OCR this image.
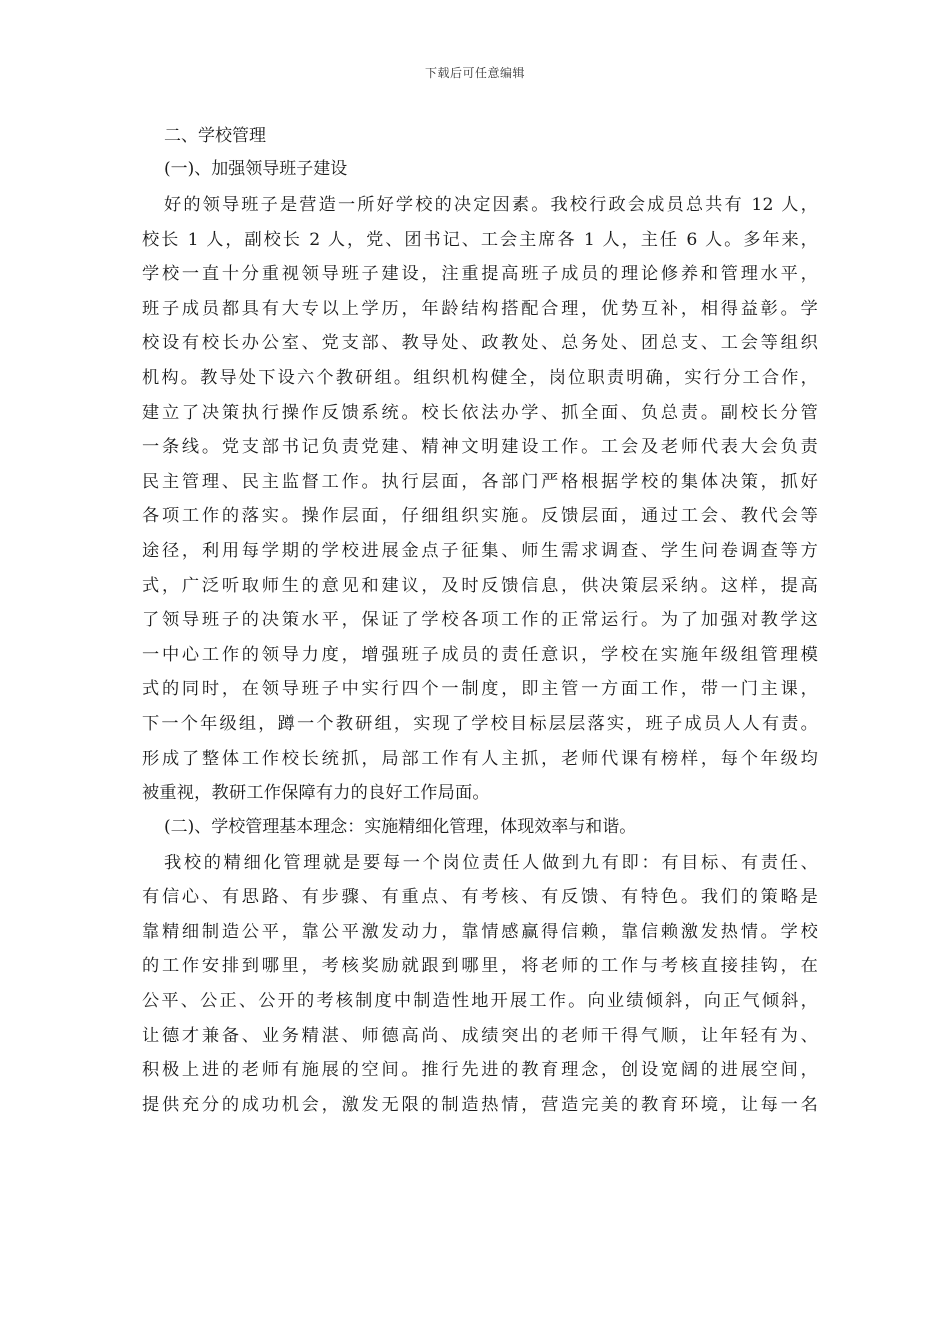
下载后可任意编辑
二、学校管理
(一)、加强领导班子建设
好的领导班子是营造一所好学校的决定因素。我校行政会成员总共有 12 人，
校长 1 人，副校长 2 人，党、团书记、工会主席各 1 人，主任 6 人。多年来，
学校一直十分重视领导班子建设，注重提高班子成员的理论修养和管理水平，
班子成员都具有大专以上学历，年龄结构搭配合理，优势互补，相得益彰。学
校设有校长办公室、党支部、教导处、政教处、总务处、团总支、工会等组织
机构。教导处下设六个教研组。组织机构健全，岗位职责明确，实行分工合作，
建立了决策执行操作反馈系统。校长依法办学、抓全面、负总责。副校长分管
一条线。党支部书记负责党建、精神文明建设工作。工会及老师代表大会负责
民主管理、民主监督工作。执行层面，各部门严格根据学校的集体决策，抓好
各项工作的落实。操作层面，仔细组织实施。反馈层面，通过工会、教代会等
途径，利用每学期的学校进展金点子征集、师生需求调查、学生问卷调查等方
式，广泛听取师生的意见和建议，及时反馈信息，供决策层采纳。这样，提高
了领导班子的决策水平，保证了学校各项工作的正常运行。为了加强对教学这
一中心工作的领导力度，增强班子成员的责任意识，学校在实施年级组管理模
式的同时，在领导班子中实行四个一制度，即主管一方面工作，带一门主课，
下一个年级组，蹲一个教研组，实现了学校目标层层落实，班子成员人人有责。
形成了整体工作校长统抓，局部工作有人主抓，老师代课有榜样，每个年级均
被重视，教研工作保障有力的良好工作局面。
(二)、学校管理基本理念：实施精细化管理，体现效率与和谐。
我校的精细化管理就是要每一个岗位责任人做到九有即：有目标、有责任、
有信心、有思路、有步骤、有重点、有考核、有反馈、有特色。我们的策略是
靠精细制造公平，靠公平激发动力，靠情感赢得信赖，靠信赖激发热情。学校
的工作安排到哪里，考核奖励就跟到哪里，将老师的工作与考核直接挂钩，在
公平、公正、公开的考核制度中制造性地开展工作。向业绩倾斜，向正气倾斜，
让德才兼备、业务精湛、师德高尚、成绩突出的老师干得气顺，让年轻有为、
积极上进的老师有施展的空间。推行先进的教育理念，创设宽阔的进展空间，
提供充分的成功机会，激发无限的制造热情，营造完美的教育环境，让每一名
